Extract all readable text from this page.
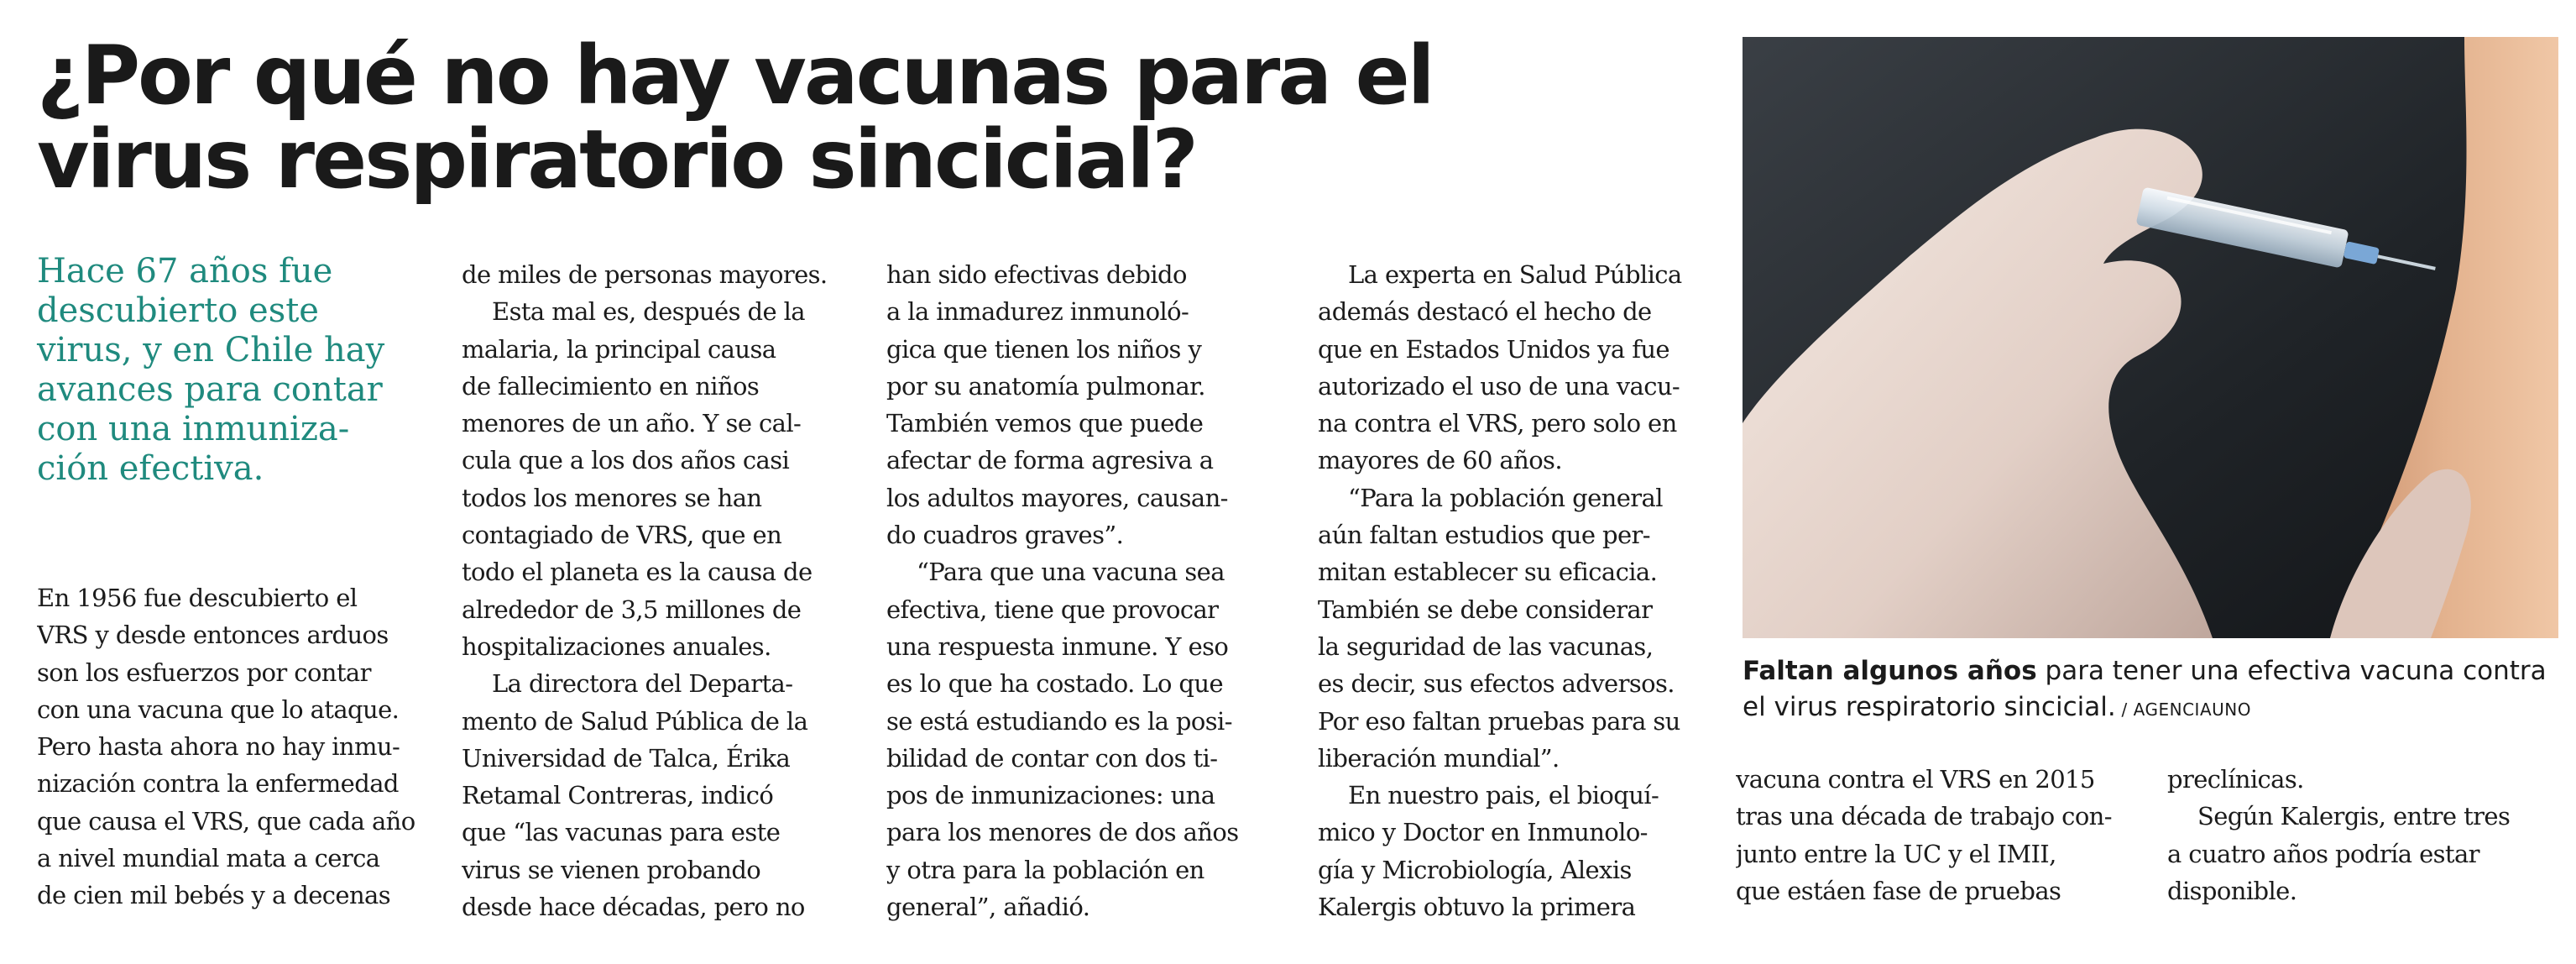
¿Por qué no hay vacunas para el
virus respiratorio sincicial?
Hace 67 años fue
descubierto este
virus, y en Chile hay
avances para contar
con una inmuniza-
ción efectiva.
En 1956 fue descubierto el
VRS y desde entonces arduos
son los esfuerzos por contar
con una vacuna que lo ataque.
Pero hasta ahora no hay inmu-
nización contra la enfermedad
que causa el VRS, que cada año
a nivel mundial mata a cerca
de cien mil bebés y a decenas
de miles de personas mayores.
Esta mal es, después de la
malaria, la principal causa
de fallecimiento en niños
menores de un año. Y se cal-
cula que a los dos años casi
todos los menores se han
contagiado de VRS, que en
todo el planeta es la causa de
alrededor de 3,5 millones de
hospitalizaciones anuales.
La directora del Departa-
mento de Salud Pública de la
Universidad de Talca, Érika
Retamal Contreras, indicó
que “las vacunas para este
virus se vienen probando
desde hace décadas, pero no
han sido efectivas debido
a la inmadurez inmunoló-
gica que tienen los niños y
por su anatomía pulmonar.
También vemos que puede
afectar de forma agresiva a
los adultos mayores, causan-
do cuadros graves”.
“Para que una vacuna sea
efectiva, tiene que provocar
una respuesta inmune. Y eso
es lo que ha costado. Lo que
se está estudiando es la posi-
bilidad de contar con dos ti-
pos de inmunizaciones: una
para los menores de dos años
y otra para la población en
general”, añadió.
La experta en Salud Pública
además destacó el hecho de
que en Estados Unidos ya fue
autorizado el uso de una vacu-
na contra el VRS, pero solo en
mayores de 60 años.
“Para la población general
aún faltan estudios que per-
mitan establecer su eficacia.
También se debe considerar
la seguridad de las vacunas,
es decir, sus efectos adversos.
Por eso faltan pruebas para su
liberación mundial”.
En nuestro pais, el bioquí-
mico y Doctor en Inmunolo-
gía y Microbiología, Alexis
Kalergis obtuvo la primera
vacuna contra el VRS en 2015
tras una década de trabajo con-
junto entre la UC y el IMII,
que estáen fase de pruebas
preclínicas.
Según Kalergis, entre tres
a cuatro años podría estar
disponible.
Faltan algunos años para tener una efectiva vacuna contra
el virus respiratorio sincicial. / AGENCIAUNO
